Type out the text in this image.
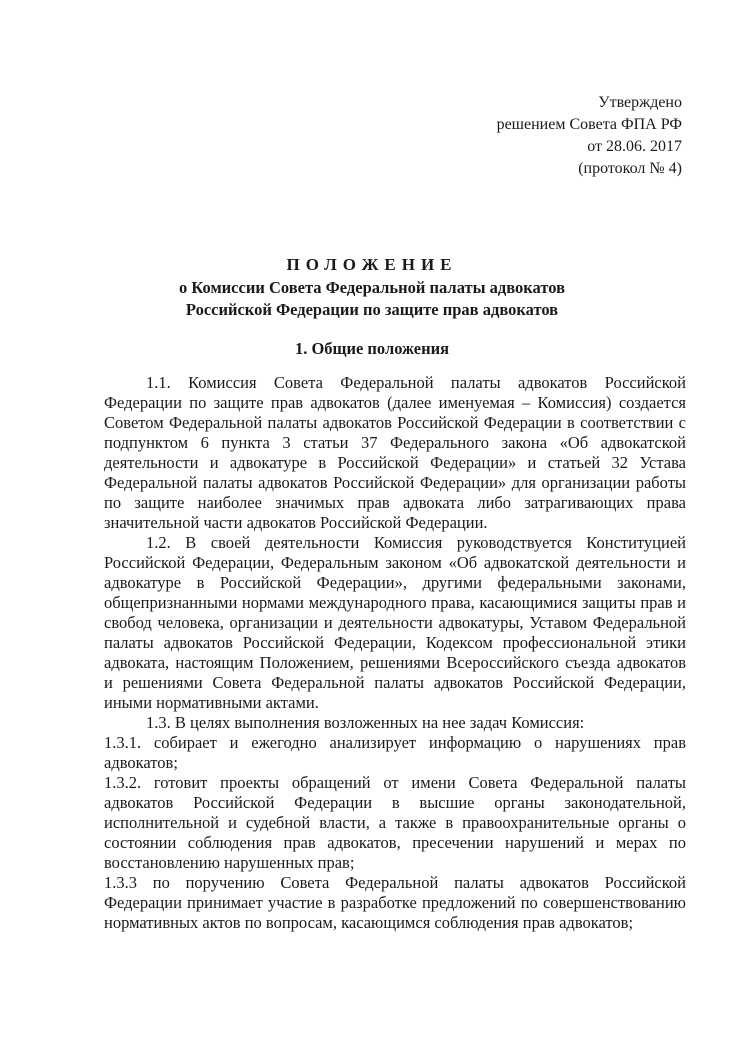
Утверждено
решением Совета ФПА РФ
от 28.06. 2017
(протокол № 4)
ПОЛОЖЕНИЕ
о Комиссии Совета Федеральной палаты адвокатов
Российской Федерации по защите прав адвокатов
1. Общие положения

1.1. Комиссия Совета Федеральной палаты адвокатов Российской Федерации по защите прав адвокатов (далее именуемая – Комиссия) создается Советом Федеральной палаты адвокатов Российской Федерации в соответствии с подпунктом 6 пункта 3 статьи 37 Федерального закона «Об адвокатской деятельности и адвокатуре в Российской Федерации» и статьей 32 Устава Федеральной палаты адвокатов Российской Федерации» для организации работы по защите наиболее значимых прав адвоката либо затрагивающих права значительной части адвокатов Российской Федерации.

1.2. В своей деятельности Комиссия руководствуется Конституцией Российской Федерации, Федеральным законом «Об адвокатской деятельности и адвокатуре в Российской Федерации», другими федеральными законами, общепризнанными нормами международного права, касающимися защиты прав и свобод человека, организации и деятельности адвокатуры, Уставом Федеральной палаты адвокатов Российской Федерации, Кодексом профессиональной этики адвоката, настоящим Положением, решениями Всероссийского съезда адвокатов и решениями Совета Федеральной палаты адвокатов Российской Федерации, иными нормативными актами.

1.3. В целях выполнения возложенных на нее задач Комиссия:

1.3.1. собирает и ежегодно анализирует информацию о нарушениях прав адвокатов;

1.3.2. готовит проекты обращений от имени Совета Федеральной палаты адвокатов Российской Федерации в высшие органы законодательной, исполнительной и судебной власти, а также в правоохранительные органы о состоянии соблюдения прав адвокатов, пресечении нарушений и мерах по восстановлению нарушенных прав;

1.3.3 по поручению Совета Федеральной палаты адвокатов Российской Федерации принимает участие в разработке предложений по совершенствованию нормативных актов по вопросам, касающимся соблюдения прав адвокатов;
